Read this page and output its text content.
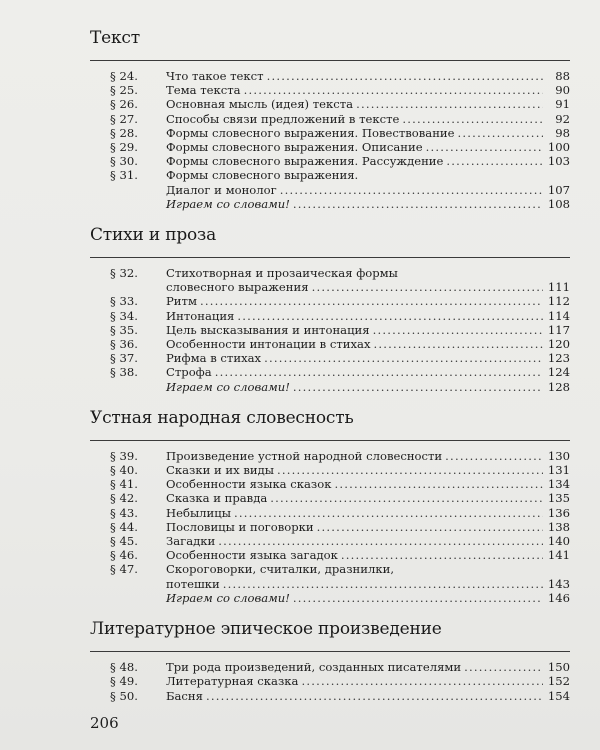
Текст
§ 24.	Что такое текст .....	88
§ 25.	Тема текста .....	90
§ 26.	Основная мысль (идея) текста .....	91
§ 27.	Способы связи предложений в тексте .....	92
§ 28.	Формы словесного выражения. Повествование .....	98
§ 29.	Формы словесного выражения. Описание .....	100
§ 30.	Формы словесного выражения. Рассуждение .....	103
§ 31.	Формы словесного выражения.
Диалог и монолог .....	107
Играем со словами! .....	108
Стихи и проза
§ 32.	Стихотворная и прозаическая формы
словесного выражения .....	111
§ 33.	Ритм .....	112
§ 34.	Интонация .....	114
§ 35.	Цель высказывания и интонация .....	117
§ 36.	Особенности интонации в стихах .....	120
§ 37.	Рифма в стихах .....	123
§ 38.	Строфа .....	124
Играем со словами! .....	128
Устная народная словесность
§ 39.	Произведение устной народной словесности .....	130
§ 40.	Сказки и их виды .....	131
§ 41.	Особенности языка сказок .....	134
§ 42.	Сказка и правда .....	135
§ 43.	Небылицы .....	136
§ 44.	Пословицы и поговорки .....	138
§ 45.	Загадки .....	140
§ 46.	Особенности языка загадок .....	141
§ 47.	Скороговорки, считалки, дразнилки,
потешки .....	143
Играем со словами! .....	146
Литературное эпическое произведение
§ 48.	Три рода произведений, созданных писателями .....	150
§ 49.	Литературная сказка .....	152
§ 50.	Басня .....	154
206
